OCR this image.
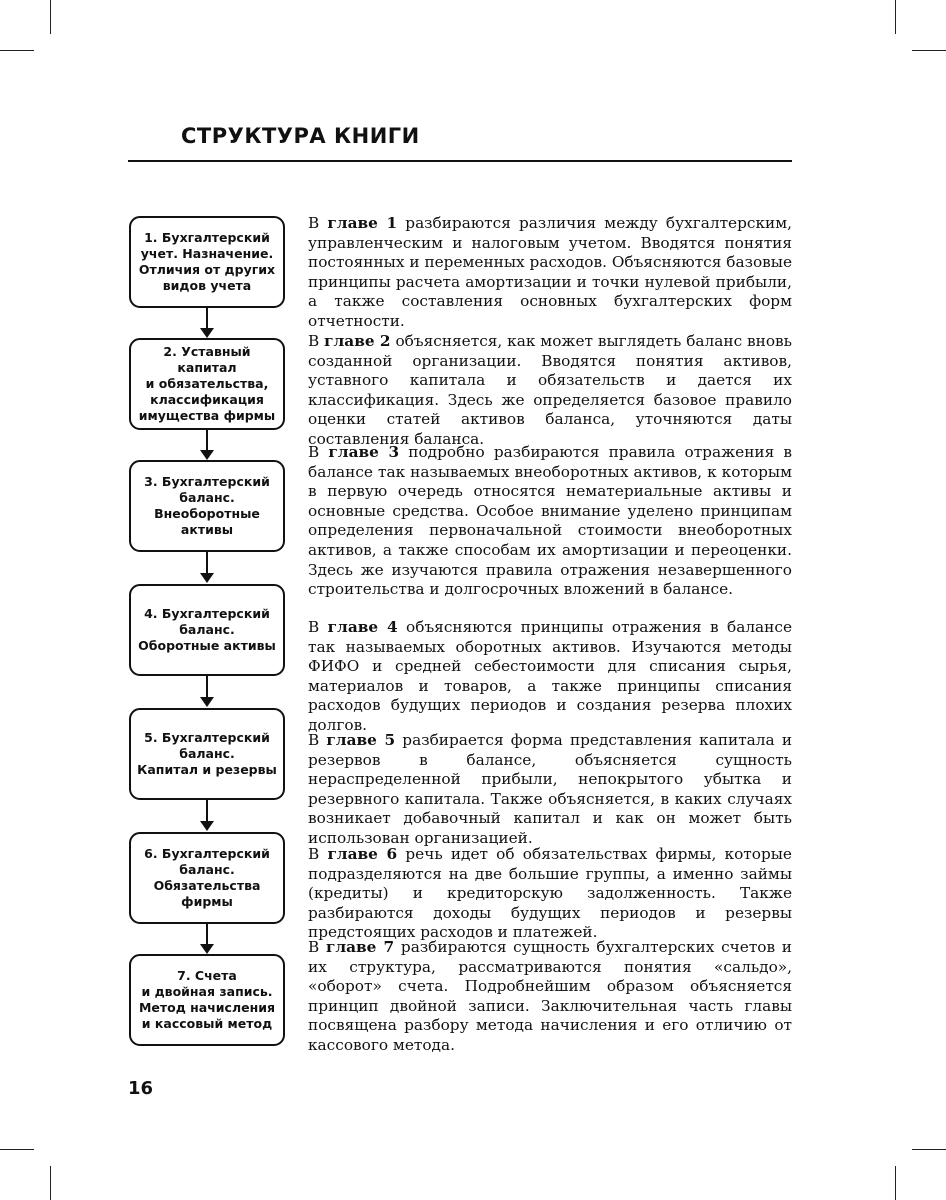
СТРУКТУРА КНИГИ
1. Бухгалтерский
учет. Назначение.
Отличия от других
видов учета
2. Уставный капитал
и обязательства,
классификация
имущества фирмы
3. Бухгалтерский
баланс.
Внеоборотные
активы
4. Бухгалтерский
баланс.
Оборотные активы
5. Бухгалтерский
баланс.
Капитал и резервы
6. Бухгалтерский
баланс.
Обязательства
фирмы
7. Счета
и двойная запись.
Метод начисления
и кассовый метод

В главе 1 разбираются различия между бухгалтерским, управленческим и налоговым учетом. Вводятся понятия постоянных и переменных расходов. Объясняются базовые принципы расчета амортизации и точки нулевой прибыли, а также составления основных бухгалтерских форм отчетности.

В главе 2 объясняется, как может выглядеть баланс вновь созданной организации. Вводятся понятия активов, уставного капитала и обязательств и дается их классификация. Здесь же определяется базовое правило оценки статей активов баланса, уточняются даты составления баланса.

В главе 3 подробно разбираются правила отражения в балансе так называемых внеоборотных активов, к которым в первую очередь относятся нематериальные активы и основные средства. Особое внимание уделено принципам определения первоначальной стоимости внеоборотных активов, а также способам их амортизации и переоценки. Здесь же изучаются правила отражения незавершенного строительства и долгосрочных вложений в балансе.

В главе 4 объясняются принципы отражения в балансе так называемых оборотных активов. Изучаются методы ФИФО и средней себестоимости для списания сырья, материалов и товаров, а также принципы списания расходов будущих периодов и создания резерва плохих долгов.

В главе 5 разбирается форма представления капитала и резервов в балансе, объясняется сущность нераспределенной прибыли, непокрытого убытка и резервного капитала. Также объясняется, в каких случаях возникает добавочный капитал и как он может быть использован организацией.

В главе 6 речь идет об обязательствах фирмы, которые подразделяются на две большие группы, а именно займы (кредиты) и кредиторскую задолженность. Также разбираются доходы будущих периодов и резервы предстоящих расходов и платежей.

В главе 7 разбираются сущность бухгалтерских счетов и их структура, рассматриваются понятия «сальдо», «оборот» счета. Подробнейшим образом объясняется принцип двойной записи. Заключительная часть главы посвящена разбору метода начисления и его отличию от кассового метода.

16
